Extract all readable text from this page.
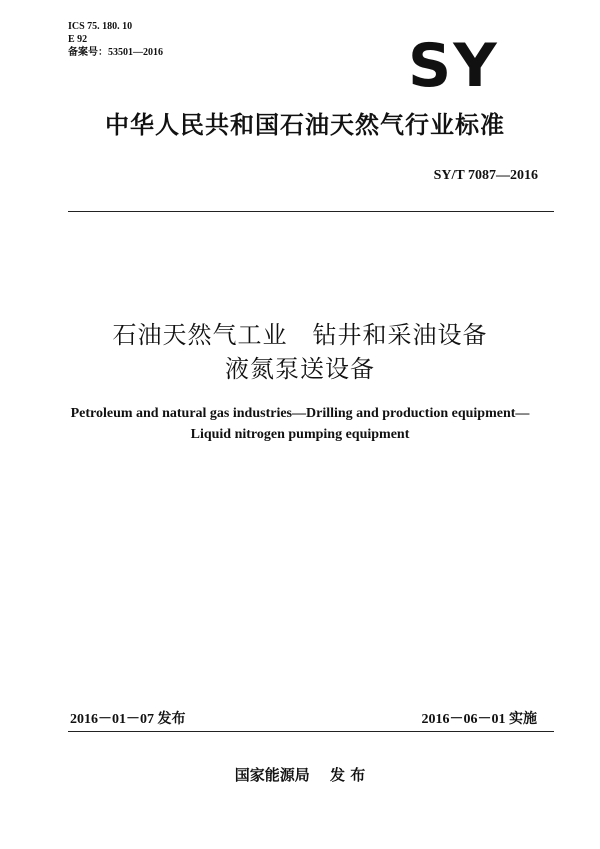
ICS 75. 180. 10
E 92
备案号：53501—2016	SY
中华人民共和国石油天然气行业标准
SY/T 7087—2016
石油天然气工业　钻井和采油设备
液氮泵送设备
Petroleum and natural gas industries—Drilling and production equipment—
Liquid nitrogen pumping equipment
2016－01－07 发布	2016－06－01 实施
国家能源局　 发 布
